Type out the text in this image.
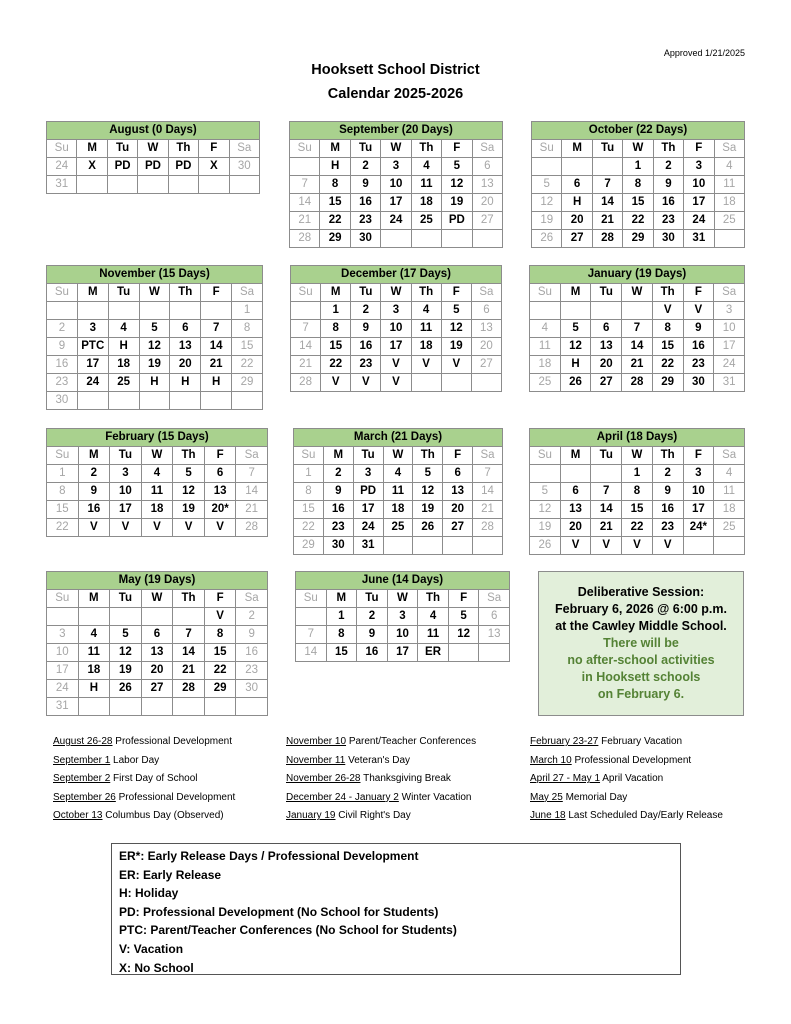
Approved 1/21/2025
Hooksett School District
Calendar 2025-2026
August (0 Days)						
Su	M	Tu	W	Th	F	Sa
24	X	PD	PD	PD	X	30
31						
September (20 Days)						
Su	M	Tu	W	Th	F	Sa
	H	2	3	4	5	6
7	8	9	10	11	12	13
14	15	16	17	18	19	20
21	22	23	24	25	PD	27
28	29	30				
October (22 Days)						
Su	M	Tu	W	Th	F	Sa
			1	2	3	4
5	6	7	8	9	10	11
12	H	14	15	16	17	18
19	20	21	22	23	24	25
26	27	28	29	30	31	
November (15 Days)						
Su	M	Tu	W	Th	F	Sa
						1
2	3	4	5	6	7	8
9	PTC	H	12	13	14	15
16	17	18	19	20	21	22
23	24	25	H	H	H	29
30						
December (17 Days)						
Su	M	Tu	W	Th	F	Sa
	1	2	3	4	5	6
7	8	9	10	11	12	13
14	15	16	17	18	19	20
21	22	23	V	V	V	27
28	V	V	V			
January (19 Days)						
Su	M	Tu	W	Th	F	Sa
				V	V	3
4	5	6	7	8	9	10
11	12	13	14	15	16	17
18	H	20	21	22	23	24
25	26	27	28	29	30	31
February (15 Days)						
Su	M	Tu	W	Th	F	Sa
1	2	3	4	5	6	7
8	9	10	11	12	13	14
15	16	17	18	19	20*	21
22	V	V	V	V	V	28
March (21 Days)						
Su	M	Tu	W	Th	F	Sa
1	2	3	4	5	6	7
8	9	PD	11	12	13	14
15	16	17	18	19	20	21
22	23	24	25	26	27	28
29	30	31				
April (18 Days)						
Su	M	Tu	W	Th	F	Sa
			1	2	3	4
5	6	7	8	9	10	11
12	13	14	15	16	17	18
19	20	21	22	23	24*	25
26	V	V	V	V		
May (19 Days)						
Su	M	Tu	W	Th	F	Sa
					V	2
3	4	5	6	7	8	9
10	11	12	13	14	15	16
17	18	19	20	21	22	23
24	H	26	27	28	29	30
31						
June (14 Days)						
Su	M	Tu	W	Th	F	Sa
	1	2	3	4	5	6
7	8	9	10	11	12	13
14	15	16	17	ER		
Deliberative Session:
February 6, 2026 @ 6:00 p.m.
at the Cawley Middle School.
There will be
no after-school activities
in Hooksett schools
on February 6.
August 26-28 Professional Development
September 1 Labor Day
September 2 First Day of School
September 26 Professional Development
October 13 Columbus Day (Observed)
November 10 Parent/Teacher Conferences
November 11 Veteran's Day
November 26-28 Thanksgiving Break
December 24 - January 2 Winter Vacation
January 19 Civil Right's Day
February 23-27 February Vacation
March 10 Professional Development
April 27 - May 1 April Vacation
May 25 Memorial Day
June 18 Last Scheduled Day/Early Release
ER*: Early Release Days / Professional Development
ER: Early Release
H: Holiday
PD: Professional Development (No School for Students)
PTC: Parent/Teacher Conferences (No School for Students)
V: Vacation
X: No School
